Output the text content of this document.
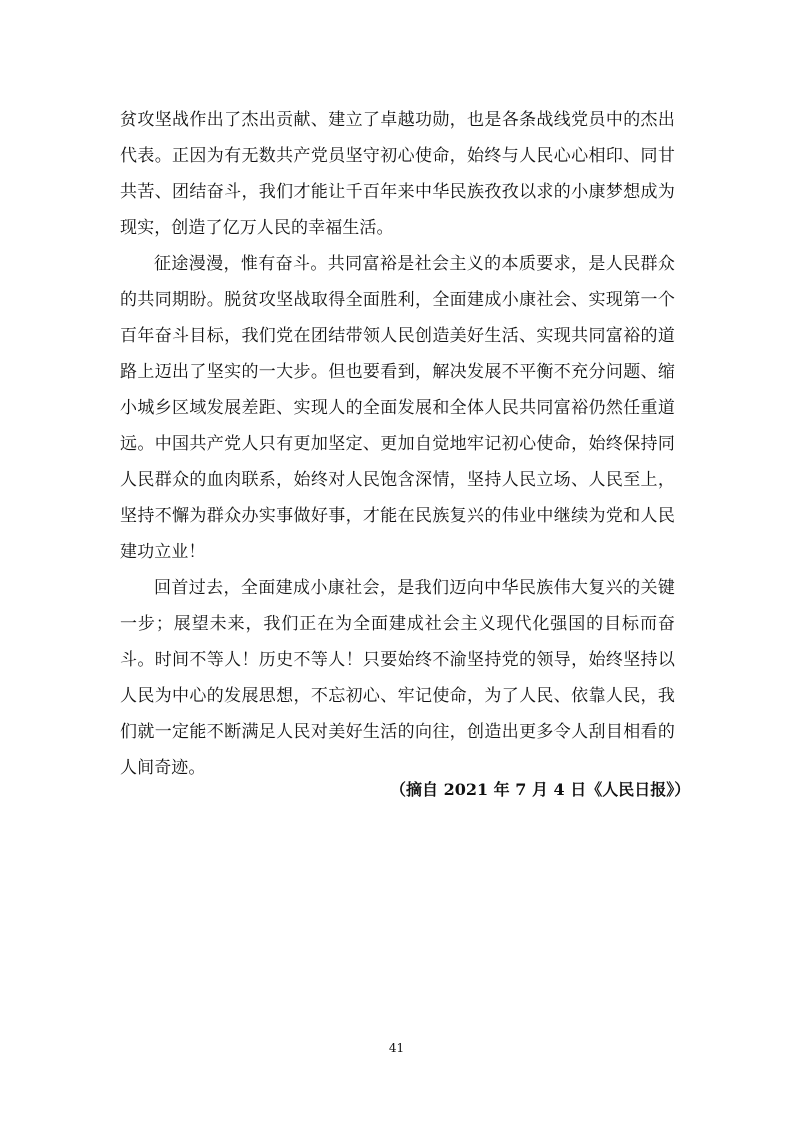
贫攻坚战作出了杰出贡献、建立了卓越功勋，也是各条战线党员中的杰出代表。正因为有无数共产党员坚守初心使命，始终与人民心心相印、同甘共苦、团结奋斗，我们才能让千百年来中华民族孜孜以求的小康梦想成为现实，创造了亿万人民的幸福生活。

征途漫漫，惟有奋斗。共同富裕是社会主义的本质要求，是人民群众的共同期盼。脱贫攻坚战取得全面胜利，全面建成小康社会、实现第一个百年奋斗目标，我们党在团结带领人民创造美好生活、实现共同富裕的道路上迈出了坚实的一大步。但也要看到，解决发展不平衡不充分问题、缩小城乡区域发展差距、实现人的全面发展和全体人民共同富裕仍然任重道远。中国共产党人只有更加坚定、更加自觉地牢记初心使命，始终保持同人民群众的血肉联系，始终对人民饱含深情，坚持人民立场、人民至上，坚持不懈为群众办实事做好事，才能在民族复兴的伟业中继续为党和人民建功立业！

回首过去，全面建成小康社会，是我们迈向中华民族伟大复兴的关键一步；展望未来，我们正在为全面建成社会主义现代化强国的目标而奋斗。时间不等人！历史不等人！只要始终不渝坚持党的领导，始终坚持以人民为中心的发展思想，不忘初心、牢记使命，为了人民、依靠人民，我们就一定能不断满足人民对美好生活的向往，创造出更多令人刮目相看的人间奇迹。

（摘自 2021 年 7 月 4 日《人民日报》）
41
